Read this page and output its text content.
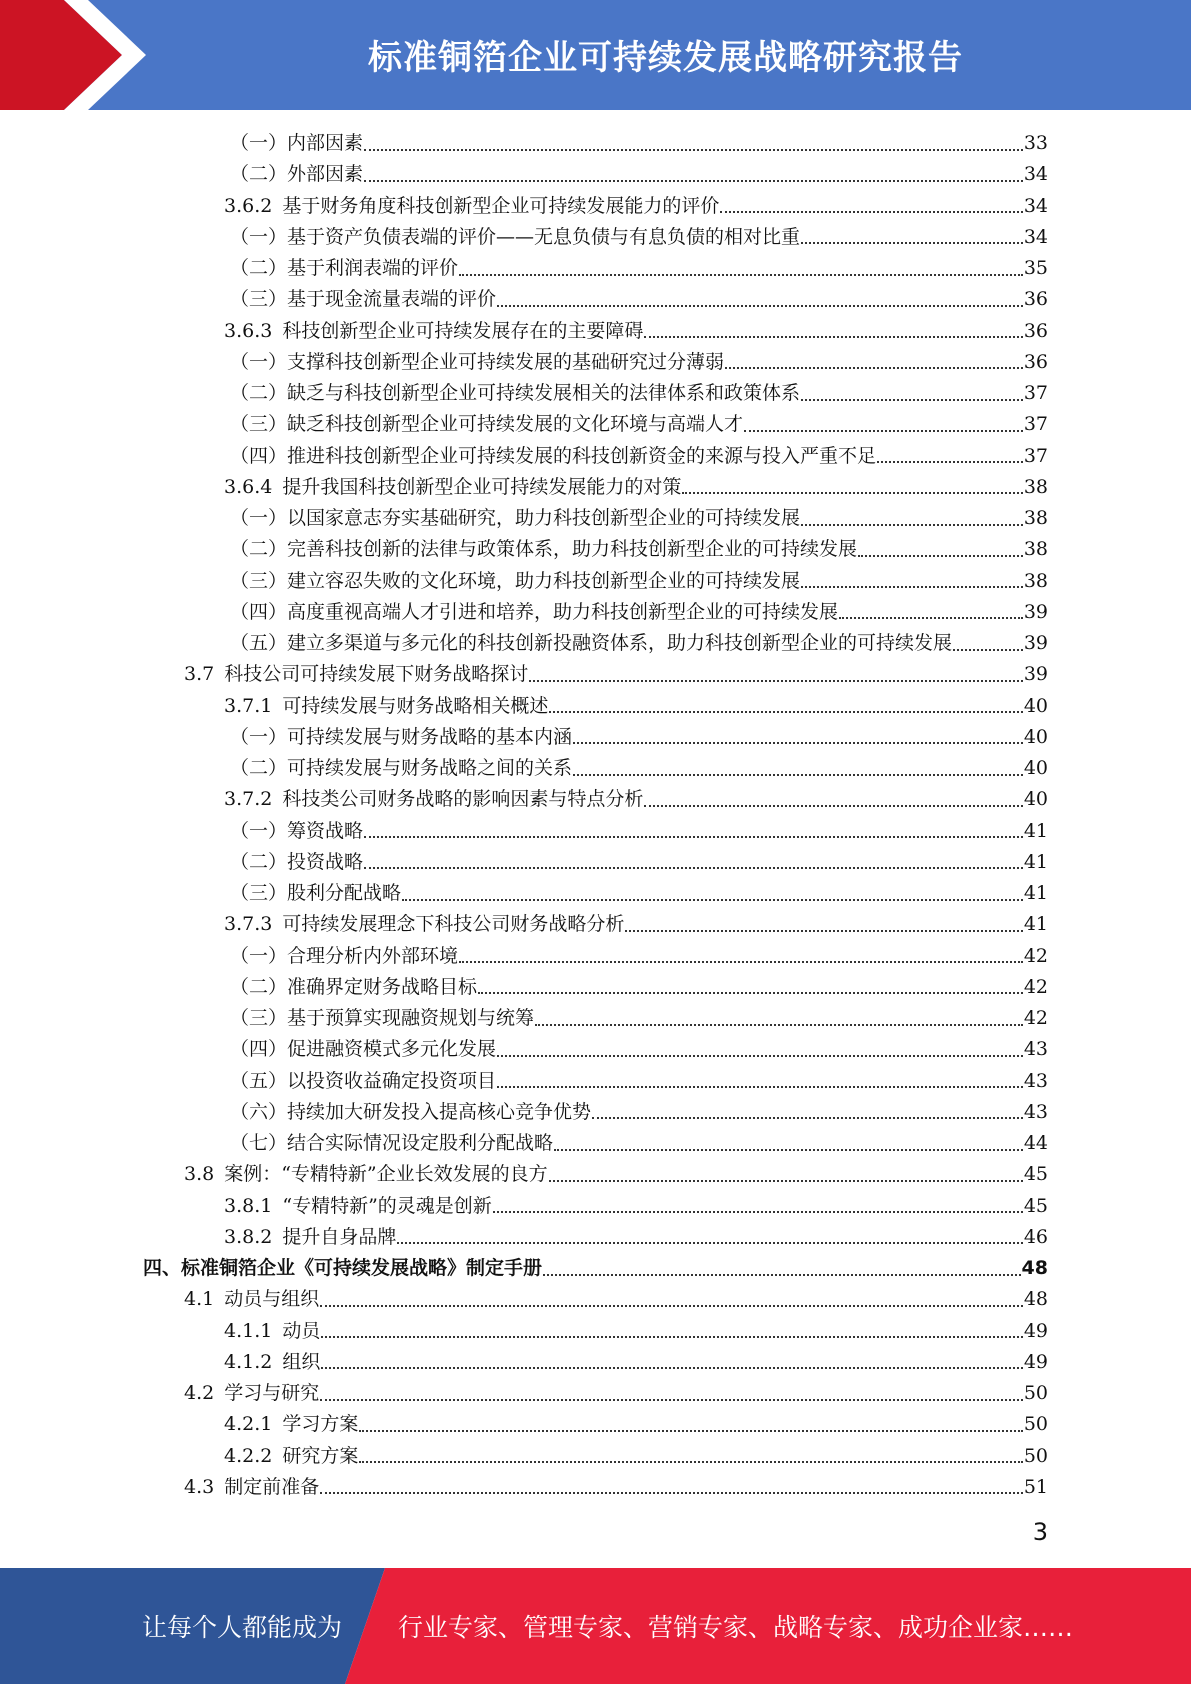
标准铜箔企业可持续发展战略研究报告
（一）内部因素	33
（二）外部因素	34
3.6.2 基于财务角度科技创新型企业可持续发展能力的评价	34
（一）基于资产负债表端的评价——无息负债与有息负债的相对比重	34
（二）基于利润表端的评价	35
（三）基于现金流量表端的评价	36
3.6.3 科技创新型企业可持续发展存在的主要障碍	36
（一）支撑科技创新型企业可持续发展的基础研究过分薄弱	36
（二）缺乏与科技创新型企业可持续发展相关的法律体系和政策体系	37
（三）缺乏科技创新型企业可持续发展的文化环境与高端人才	37
（四）推进科技创新型企业可持续发展的科技创新资金的来源与投入严重不足	37
3.6.4 提升我国科技创新型企业可持续发展能力的对策	38
（一）以国家意志夯实基础研究，助力科技创新型企业的可持续发展	38
（二）完善科技创新的法律与政策体系，助力科技创新型企业的可持续发展	38
（三）建立容忍失败的文化环境，助力科技创新型企业的可持续发展	38
（四）高度重视高端人才引进和培养，助力科技创新型企业的可持续发展	39
（五）建立多渠道与多元化的科技创新投融资体系，助力科技创新型企业的可持续发展	39
3.7 科技公司可持续发展下财务战略探讨	39
3.7.1 可持续发展与财务战略相关概述	40
（一）可持续发展与财务战略的基本内涵	40
（二）可持续发展与财务战略之间的关系	40
3.7.2 科技类公司财务战略的影响因素与特点分析	40
（一）筹资战略	41
（二）投资战略	41
（三）股利分配战略	41
3.7.3 可持续发展理念下科技公司财务战略分析	41
（一）合理分析内外部环境	42
（二）准确界定财务战略目标	42
（三）基于预算实现融资规划与统筹	42
（四）促进融资模式多元化发展	43
（五）以投资收益确定投资项目	43
（六）持续加大研发投入提高核心竞争优势	43
（七）结合实际情况设定股利分配战略	44
3.8 案例：“专精特新”企业长效发展的良方	45
3.8.1 “专精特新”的灵魂是创新	45
3.8.2 提升自身品牌	46
四、标准铜箔企业《可持续发展战略》制定手册	48
4.1 动员与组织	48
4.1.1 动员	49
4.1.2 组织	49
4.2 学习与研究	50
4.2.1 学习方案	50
4.2.2 研究方案	50
4.3 制定前准备	51
3
让每个人都能成为 行业专家、管理专家、营销专家、战略专家、成功企业家……
